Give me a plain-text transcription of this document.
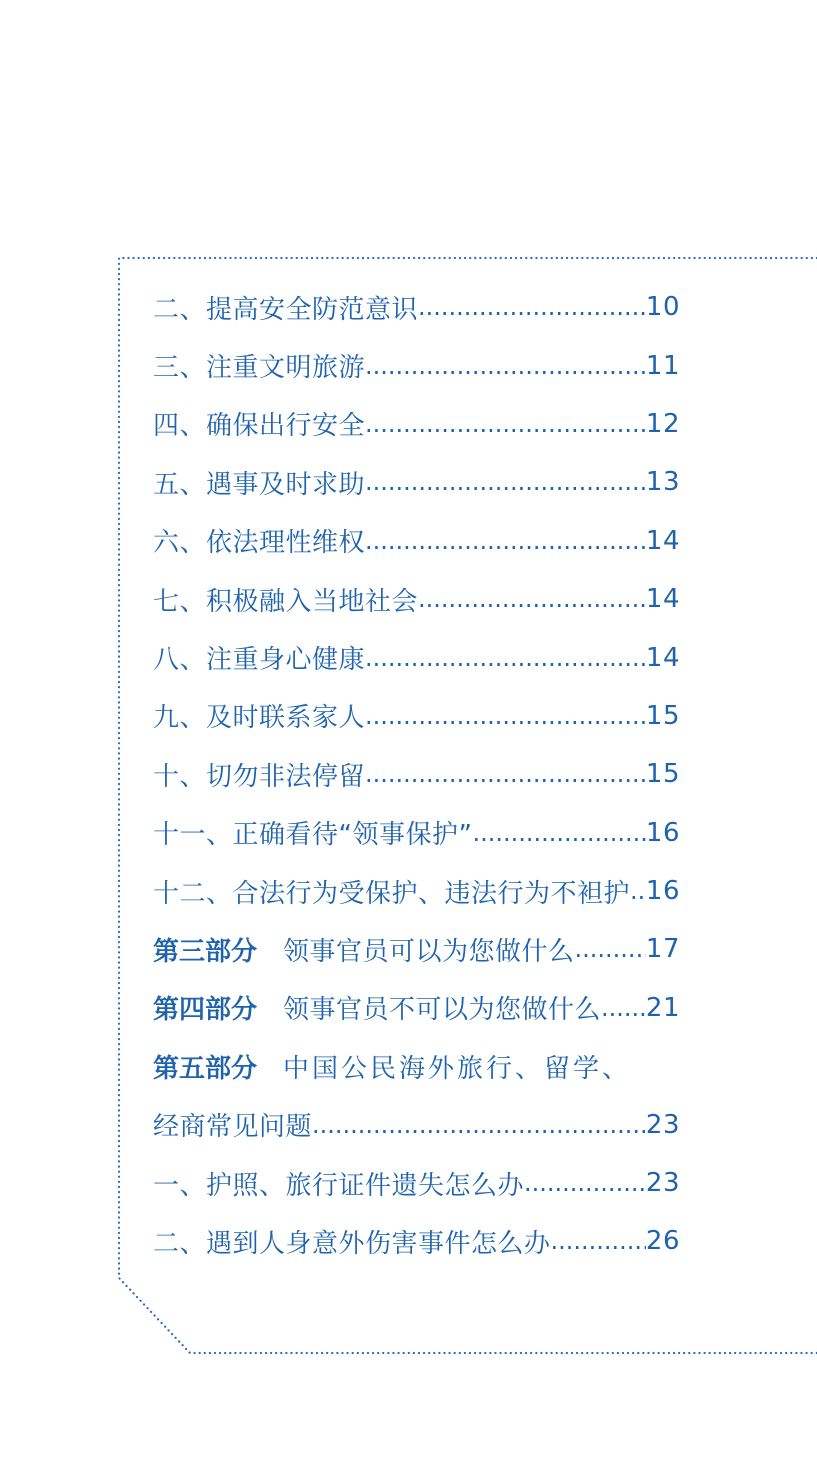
二、提高安全防范意识 .....	10
三、注重文明旅游 .....	11
四、确保出行安全 .....	12
五、遇事及时求助 .....	13
六、依法理性维权 .....	14
七、积极融入当地社会 .....	14
八、注重身心健康 .....	14
九、及时联系家人 .....	15
十、切勿非法停留 .....	15
十一、正确看待“领事保护” .....	16
十二、合法行为受保护、违法行为不袒护 ..... 16
第三部分 领事官员可以为您做什么 .....	17
第四部分 领事官员不可以为您做什么 ..... 21
第五部分 中国公民海外旅行、留学、
经商常见问题 .....	23
一、护照、旅行证件遗失怎么办 .....	23
二、遇到人身意外伤害事件怎么办 .....	26
